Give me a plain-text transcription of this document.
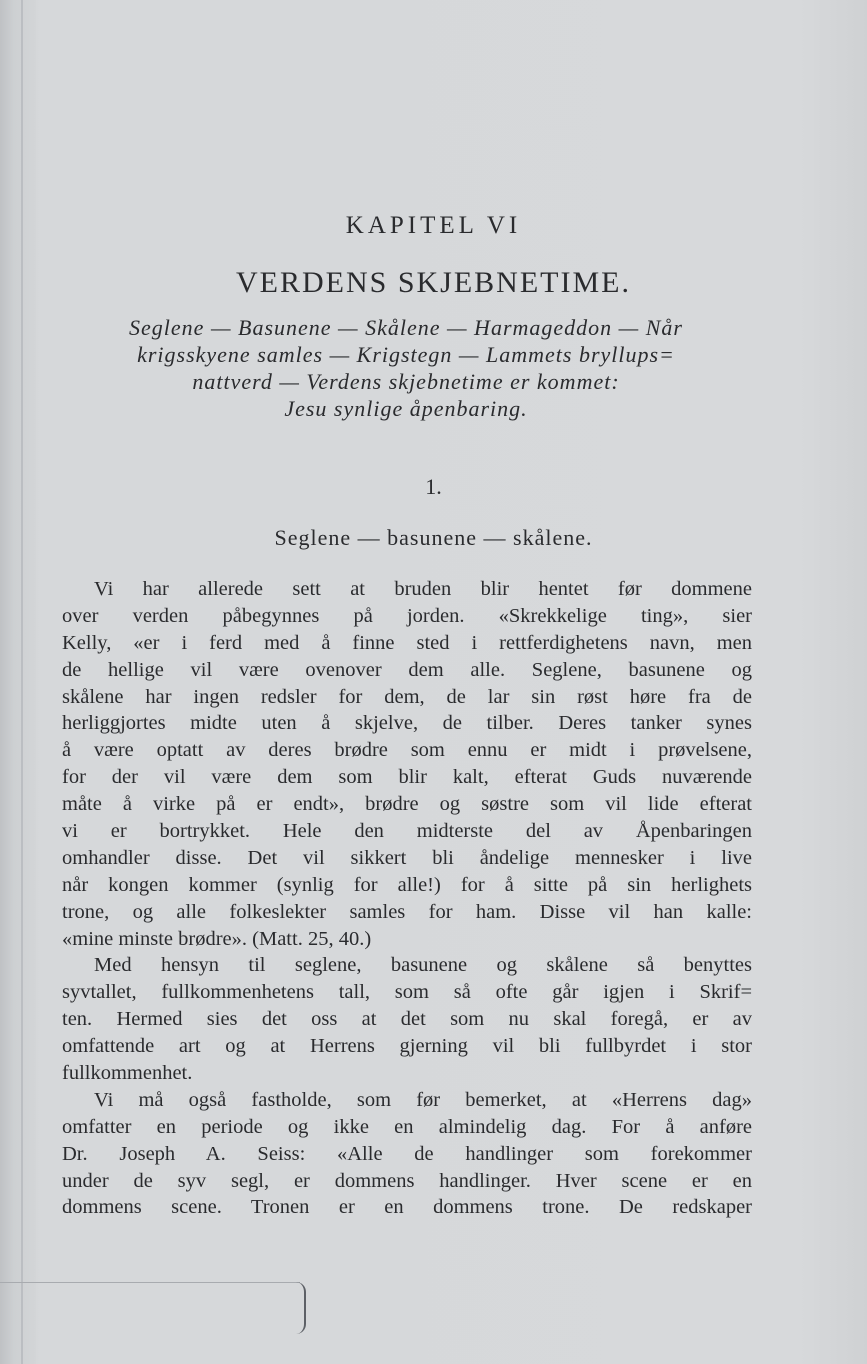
KAPITEL VI
VERDENS SKJEBNETIME.
Seglene — Basunene — Skålene — Harmageddon — Når
krigsskyene samles — Krigstegn — Lammets bryllups=
nattverd — Verdens skjebnetime er kommet:
Jesu synlige åpenbaring.
1.
Seglene — basunene — skålene.
Vi har allerede sett at bruden blir hentet før dommene
over verden påbegynnes på jorden. «Skrekkelige ting», sier
Kelly, «er i ferd med å finne sted i rettferdighetens navn, men
de hellige vil være ovenover dem alle. Seglene, basunene og
skålene har ingen redsler for dem, de lar sin røst høre fra de
herliggjortes midte uten å skjelve, de tilber. Deres tanker synes
å være optatt av deres brødre som ennu er midt i prøvelsene,
for der vil være dem som blir kalt, efterat Guds nuværende
måte å virke på er endt», brødre og søstre som vil lide efterat
vi er bortrykket. Hele den midterste del av Åpenbaringen
omhandler disse. Det vil sikkert bli åndelige mennesker i live
når kongen kommer (synlig for alle!) for å sitte på sin herlighets
trone, og alle folkeslekter samles for ham. Disse vil han kalle:
«mine minste brødre». (Matt. 25, 40.)
Med hensyn til seglene, basunene og skålene så benyttes
syvtallet, fullkommenhetens tall, som så ofte går igjen i Skrif=
ten. Hermed sies det oss at det som nu skal foregå, er av
omfattende art og at Herrens gjerning vil bli fullbyrdet i stor
fullkommenhet.
Vi må også fastholde, som før bemerket, at «Herrens dag»
omfatter en periode og ikke en almindelig dag. For å anføre
Dr. Joseph A. Seiss: «Alle de handlinger som forekommer
under de syv segl, er dommens handlinger. Hver scene er en
dommens scene. Tronen er en dommens trone. De redskaper
